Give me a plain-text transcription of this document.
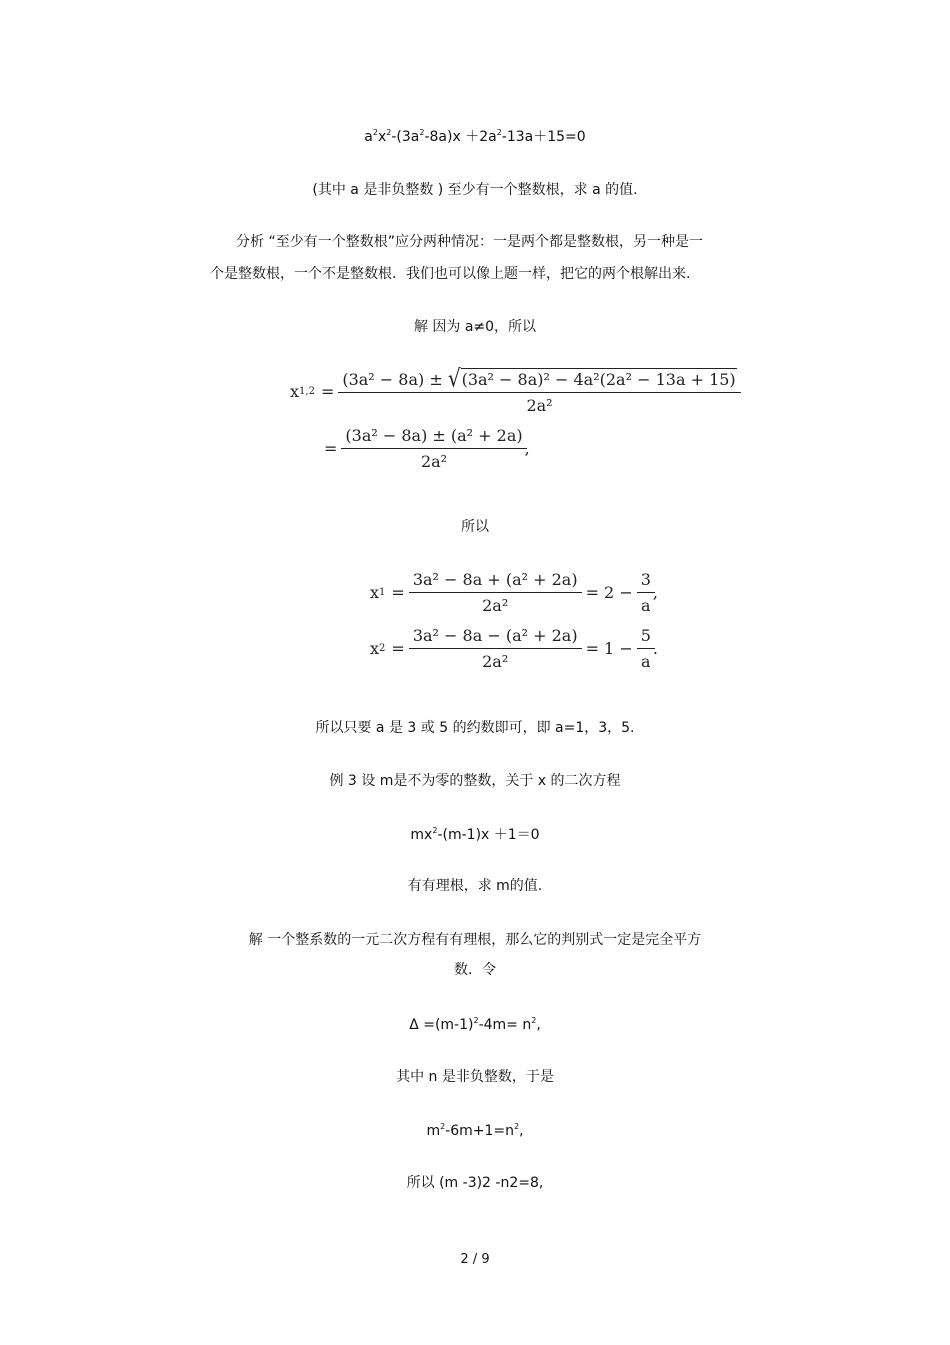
$a^2x^2-(3a^2-8a)x +2a^2-13a+15=0$
(其中 a 是非负整数 ) 至少有一个整数根，求 a 的值.
分析 “至少有一个整数根”应分两种情况：一是两个都是整数根，另一种是一
个是整数根，一个不是整数根．我们也可以像上题一样，把它的两个根解出来.
解 因为 a≠0，所以
x $1,2 = \frac{\text{(3a² − 8a) ± √ (3a² − 8a)² − 4a²(2a² − 13a + 15)}}{\text{2a²}}$
= $\frac{\text{(3a² − 8a) ± (a² + 2a)}}{\text{2a²}}$ ,
所以
x $1 = \frac{\text{3a² − 8a + (a² + 2a)}}{\text{2a²}} = 2 - \frac{3}{a}$ ,
x $2 = \frac{\text{3a² − 8a − (a² + 2a)}}{\text{2a²}} = 1 - \frac{5}{a}$ .
所以只要 a 是 3 或 5 的约数即可，即 a=1，3，5.
例 3 设 m是不为零的整数，关于 x 的二次方程
$mx^2-(m-1)x +1=0$
有有理根，求 m的值.
解 一个整系数的一元二次方程有有理根，那么它的判别式一定是完全平方
数．令
$\Delta =(m-1)^2-4m= n^2$,
其中 n 是非负整数，于是
$m^2-6m+1=n^2$,
所以 (m -3)2 -n2=8,
2 / 9
